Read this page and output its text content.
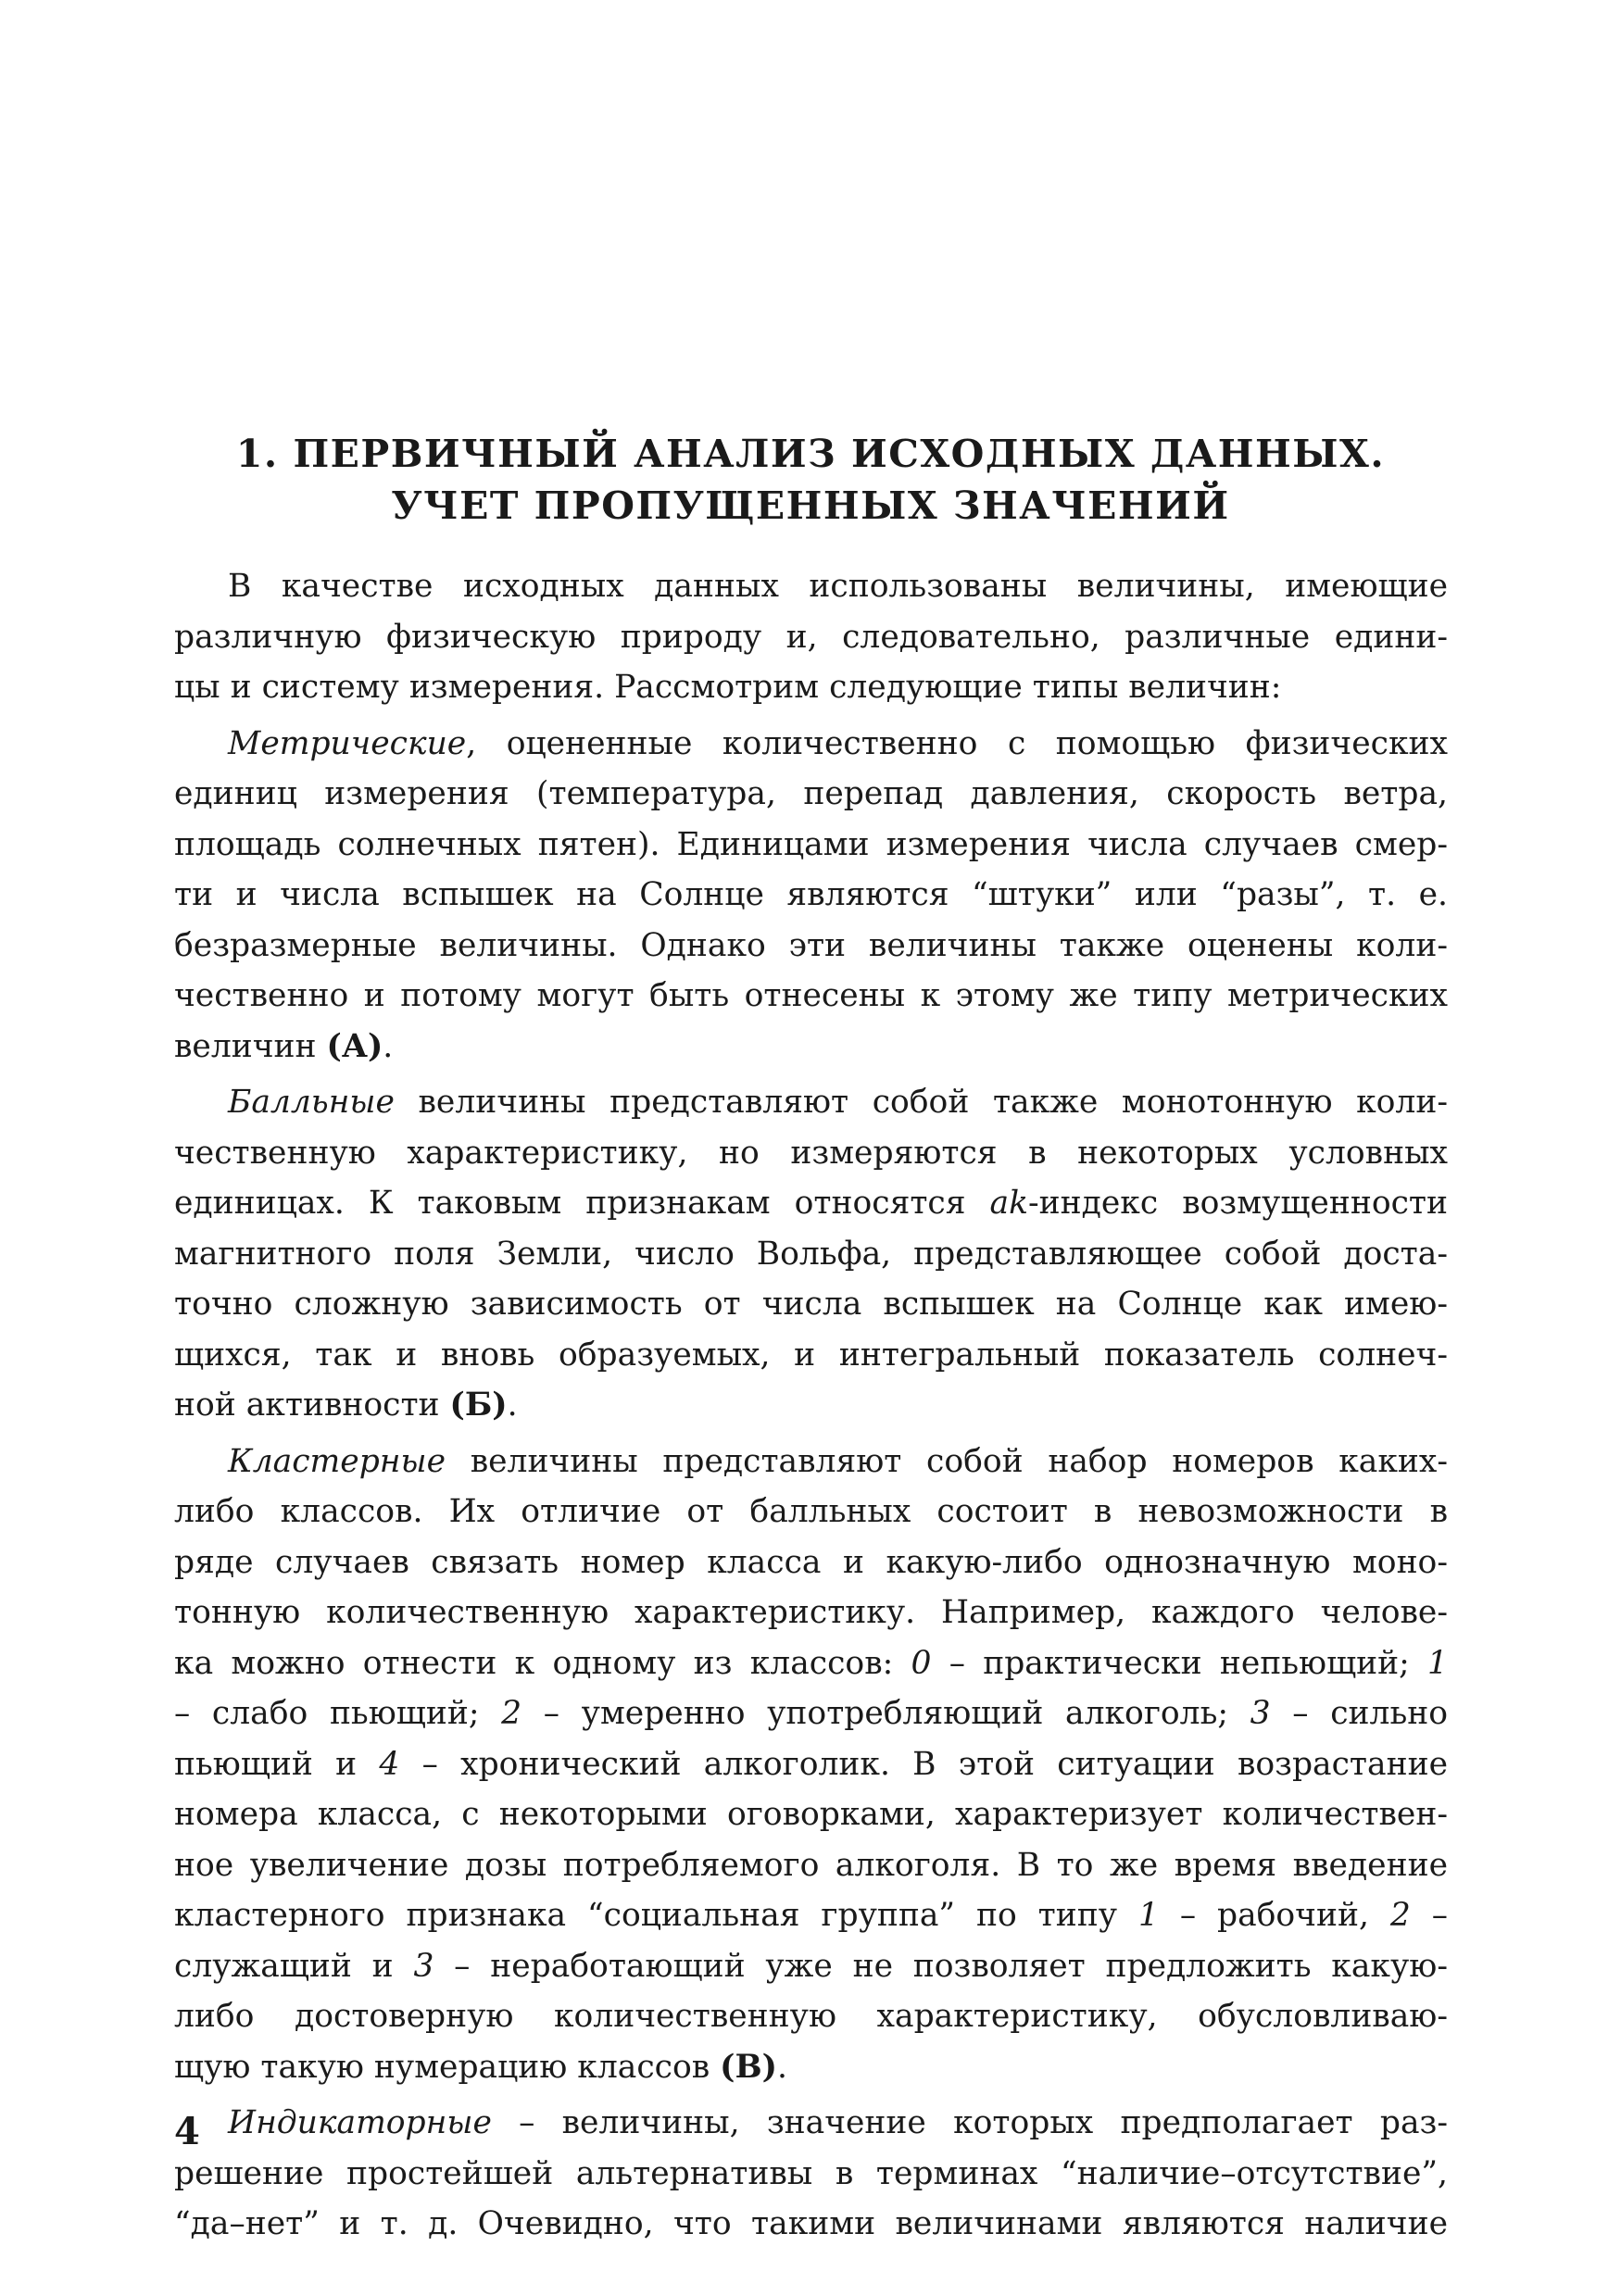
1. ПЕРВИЧНЫЙ АНАЛИЗ ИСХОДНЫХ ДАННЫХ.
УЧЕТ ПРОПУЩЕННЫХ ЗНАЧЕНИЙ
В качестве исходных данных использованы величины, имеющие
различную физическую природу и, следовательно, различные едини-
цы и систему измерения. Рассмотрим следующие типы величин:
Метрические, оцененные количественно с помощью физических
единиц измерения (температура, перепад давления, скорость ветра,
площадь солнечных пятен). Единицами измерения числа случаев смер-
ти и числа вспышек на Солнце являются “штуки” или “разы”, т. е.
безразмерные величины. Однако эти величины также оценены коли-
чественно и потому могут быть отнесены к этому же типу метрических
величин (А).
Балльные величины представляют собой также монотонную коли-
чественную характеристику, но измеряются в некоторых условных
единицах. К таковым признакам относятся ak-индекс возмущенности
магнитного поля Земли, число Вольфа, представляющее собой доста-
точно сложную зависимость от числа вспышек на Солнце как имею-
щихся, так и вновь образуемых, и интегральный показатель солнеч-
ной активности (Б).
Кластерные величины представляют собой набор номеров каких-
либо классов. Их отличие от балльных состоит в невозможности в
ряде случаев связать номер класса и какую-либо однозначную моно-
тонную количественную характеристику. Например, каждого челове-
ка можно отнести к одному из классов: 0 – практически непьющий; 1
– слабо пьющий; 2 – умеренно употребляющий алкоголь; 3 – сильно
пьющий и 4 – хронический алкоголик. В этой ситуации возрастание
номера класса, с некоторыми оговорками, характеризует количествен-
ное увеличение дозы потребляемого алкоголя. В то же время введение
кластерного признака “социальная группа” по типу 1 – рабочий, 2 –
служащий и 3 – неработающий уже не позволяет предложить какую-
либо достоверную количественную характеристику, обусловливаю-
щую такую нумерацию классов (В).
Индикаторные – величины, значение которых предполагает раз-
решение простейшей альтернативы в терминах “наличие–отсутствие”,
“да–нет” и т. д. Очевидно, что такими величинами являются наличие
4
